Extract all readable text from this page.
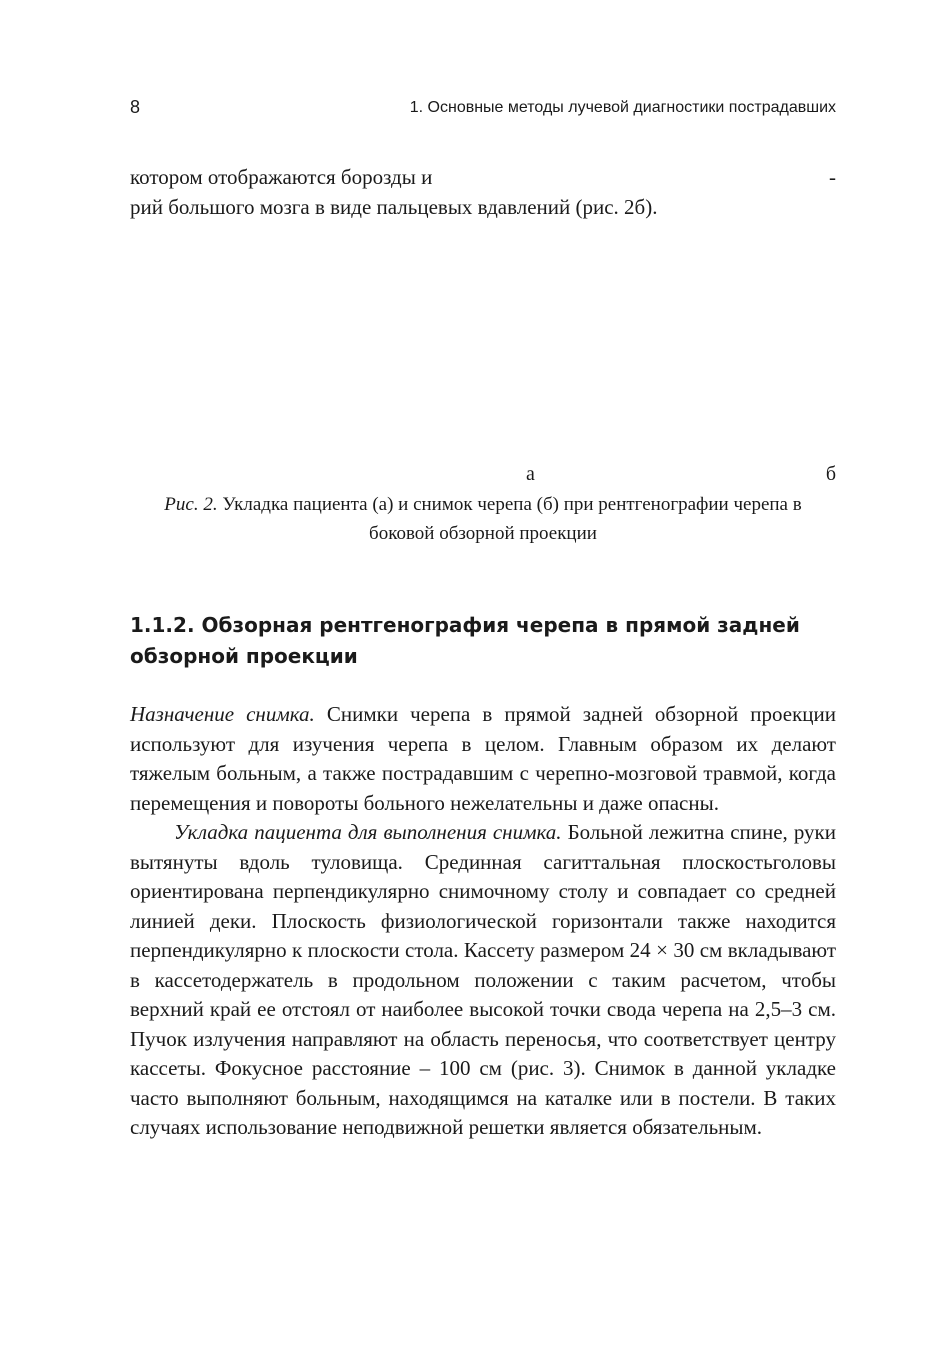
8	1. Основные методы лучевой диагностики пострадавших
котором отображаются борозды и	-
рий большого мозга в виде пальцевых вдавлений (рис. 2б).
а	б
Рис. 2. Укладка пациента (а) и снимок черепа (б) при рентгенографии черепа в боковой обзорной проекции
1.1.2. Обзорная рентгенография черепа в прямой задней обзорной проекции

Назначение снимка. Снимки черепа в прямой задней обзорной проекции используют для изучения черепа в целом. Главным образом их делают тяжелым больным, а также пострадавшим с черепно-мозговой травмой, когда перемещения и повороты больного нежелательны и даже опасны.

Укладка пациента для выполнения снимка. Больной лежитна спине, руки вытянуты вдоль туловища. Срединная сагиттальная плоскостьголовы ориентирована перпендикулярно снимочному столу и совпадает со средней линией деки. Плоскость физиологической горизонтали также находится перпендикулярно к плоскости стола. Кассету размером 24 × 30 см вкладывают в кассетодержатель в продольном положении с таким расчетом, чтобы верхний край ее отстоял от наиболее высокой точки свода черепа на 2,5–3 см. Пучок излучения направляют на область переносья, что соответствует центру кассеты. Фокусное расстояние – 100 см (рис. 3). Снимок в данной укладке часто выполняют больным, находящимся на каталке или в постели. В таких случаях использование неподвижной решетки является обязательным.
